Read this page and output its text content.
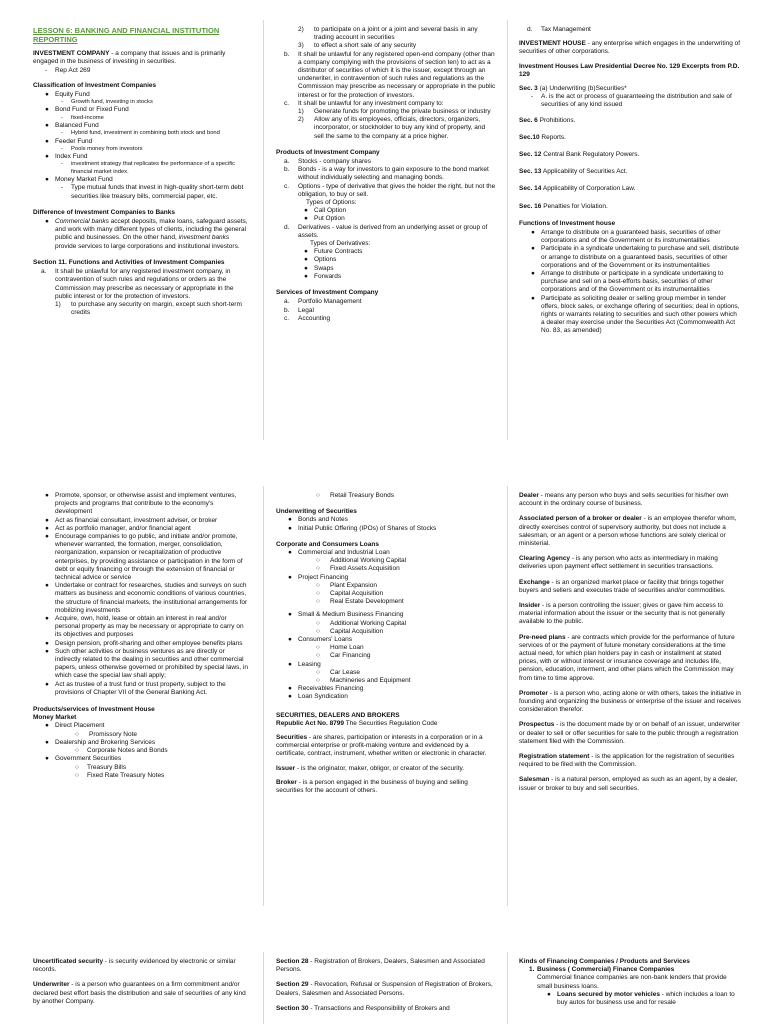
LESSON 6: BANKING AND FINANCIAL INSTITUTION REPORTING

INVESTMENT COMPANY - a company that issues and is primarily engaged in the business of investing in securities.

- Rep Act 269
Classification of Investment Companies
● Equity Fund
- Growth fund, investing in stocks
● Bond Fund or Fixed Fund
- fixed-income
● Balanced Fund
- Hybrid fund, investment in combining both stock and bond
● Feeder Fund
- Pools money from investors
● Index Fund
- investment strategy that replicates the performance of a specific financial market index.
● Money Market Fund
- Type mutual funds that invest in high-quality short-term debt securities like treasury bills, commercial paper, etc.
Difference of Investment Companies to Banks
● Commercial banks accept deposits, make loans, safeguard assets, and work with many different types of clients, including the general public and businesses. On the other hand, investment banks provide services to large corporations and institutional investors.
Section 11. Functions and Activities of Investment Companies
a. It shall be unlawful for any registered investment company, in contravention of such rules and regulations or orders as the Commission may prescribe as necessary or appropriate in the public interest or for the protection of investors.
1) to purchase any security on margin, except such short-term credits
2) to participate on a joint or a joint and several basis in any trading account in securities
3) to effect a short sale of any security
b. It shall be unlawful for any registered open-end company (other than a company complying with the provisions of section ten) to act as a distributor of securities of which it is the issuer, except through an underwriter, in contravention of such rules and regulations as the Commission may prescribe as necessary or appropriate in the public interest or for the protection of investors.
c. It shall be unlawful for any investment company to:
1) Generate funds for promoting the private business or industry
2) Allow any of its employees, officials, directors, organizers, incorporator, or stockholder to buy any kind of property, and sell the same to the company at a price higher.
Products of Investment Company
a. Stocks - company shares
b. Bonds - is a way for investors to gain exposure to the bond market without individually selecting and managing bonds.
c. Options - type of derivative that gives the holder the right, but not the obligation, to buy or sell.
Types of Options:
● Call Option
● Put Option
d. Derivatives - value is derived from an underlying asset or group of assets.
Types of Derivatives:
● Future Contracts
● Options
● Swaps
● Forwards
Services of Investment Company
a. Portfolio Management
b. Legal
c. Accounting
d. Tax Management

INVESTMENT HOUSE - any enterprise which engages in the underwriting of securities of other corporations.

Investment Houses Law Presidential Decree No. 129 Excerpts from P.D. 129

Sec. 3 (a) Underwriting (b)Securities*

- A. is the act or process of guaranteeing the distribution and sale of securities of any kind issued

Sec. 6 Prohibitions.

Sec.10 Reports.

Sec. 12 Central Bank Regulatory Powers.

Sec. 13 Applicability of Securities Act.

Sec. 14 Applicability of Corporation Law.

Sec. 16 Penalties for Violation.

Functions of Investment house
● Arrange to distribute on a guaranteed basis, securities of other corporations and of the Government or its instrumentalities
● Participate in a syndicate undertaking to purchase and sell, distribute or arrange to distribute on a guaranteed basis, securities of other corporations and of the Government or its instrumentalities
● Arrange to distribute or participate in a syndicate undertaking to purchase and sell on a best-efforts basis, securities of other corporations and of the Government or its instrumentalities
● Participate as soliciting dealer or selling group member in tender offers, block sales, or exchange offering of securities; deal in options, rights or warrants relating to securities and such other powers which a dealer may exercise under the Securities Act (Commonwealth Act No. 83, as amended)
● Promote, sponsor, or otherwise assist and implement ventures, projects and programs that contribute to the economy's development
● Act as financial consultant, investment adviser, or broker
● Act as portfolio manager, and/or financial agent
● Encourage companies to go public, and initiate and/or promote, whenever warranted, the formation, merger, consolidation, reorganization, expansion or recapitalization of productive enterprises, by providing assistance or participation in the form of debt or equity financing or through the extension of financial or technical advice or service
● Undertake or contract for researches, studies and surveys on such matters as business and economic conditions of various countries, the structure of financial markets, the institutional arrangements for mobilizing investments
● Acquire, own, hold, lease or obtain an interest in real and/or personal property as may be necessary or appropriate to carry on its objectives and purposes
● Design pension, profit-sharing and other employee benefits plans
● Such other activities or business ventures as are directly or indirectly related to the dealing in securities and other commercial papers, unless otherwise governed or prohibited by special laws, in which case the special law shall apply;
● Act as trustee of a trust fund or trust property, subject to the provisions of Chapter VII of the General Banking Act.
Products/services of Investment House
Money Market
● Direct Placement
○ Promissory Note
● Dealership and Brokering Services
○ Corporate Notes and Bonds
● Government Securities
○ Treasury Bills
○ Fixed Rate Treasury Notes
○ Retail Treasury Bonds
Underwriting of Securities
● Bonds and Notes
● Initial Public Offering (IPOs) of Shares of Stocks
Corporate and Consumers Loans
● Commercial and Industrial Loan
○ Additional Working Capital
○ Fixed Assets Acquisition
● Project Financing
○ Plant Expansion
○ Capital Acquisition
○ Real Estate Development
● Small & Medium Business Financing
○ Additional Working Capital
○ Capital Acquisition
● Consumers' Loans
○ Home Loan
○ Car Financing
● Leasing
○ Car Lease
○ Machineries and Equipment
● Receivables Financing
● Loan Syndication
SECURITIES, DEALERS AND BROKERS

Republic Act No. 8799 The Securities Regulation Code

Securities - are shares, participation or interests in a corporation or in a commercial enterprise or profit-making venture and evidenced by a certificate, contract, instrument, whether written or electronic in character.

Issuer - is the originator, maker, obligor, or creator of the security.

Broker - is a person engaged in the business of buying and selling securities for the account of others.

Dealer - means any person who buys and sells securities for his/her own account in the ordinary course of business.

Associated person of a broker or dealer - is an employee therefor whom, directly exercises control of supervisory authority, but does not include a salesman, or an agent or a person whose functions are solely clerical or ministerial.

Clearing Agency - is any person who acts as intermediary in making deliveries upon payment effect settlement in securities transactions.

Exchange - is an organized market place or facility that brings together buyers and sellers and executes trade of securities and/or commodities.

Insider - is a person controlling the issuer; gives or gave him access to material information about the issuer or the security that is not generally available to the public.

Pre-need plans - are contracts which provide for the performance of future services of or the payment of future monetary considerations at the time actual need, for which plan holders pay in cash or installment at stated prices, with or without interest or insurance coverage and includes life, pension, education, interment, and other plans which the Commission may from time to time approve.

Promoter - is a person who, acting alone or with others, takes the initiative in founding and organizing the business or enterprise of the issuer and receives consideration therefor.

Prospectus - is the document made by or on behalf of an issuer, underwriter or dealer to sell or offer securities for sale to the public through a registration statement filed with the Commission.

Registration statement - is the application for the registration of securities required to be filed with the Commission.

Salesman - is a natural person, employed as such as an agent, by a dealer, issuer or broker to buy and sell securities.

Uncertificated security - is security evidenced by electronic or similar records.

Underwriter - is a person who guarantees on a firm commitment and/or declared best effort basis the distribution and sale of securities of any kind by another Company.

Section 28 - Registration of Brokers, Dealers, Salesmen and Associated Persons.

Section 29 - Revocation, Refusal or Suspension of Registration of Brokers, Dealers, Salesmen and Associated Persons.

Section 30 - Transactions and Responsibility of Brokers and

Kinds of Financing Companies / Products and Services
1. Business ( Commercial) Finance Companies
Commercial finance companies are non-bank lenders that provide small business loans.
● Loans secured by motor vehicles - which includes a loan to buy autos for business use and for resale
